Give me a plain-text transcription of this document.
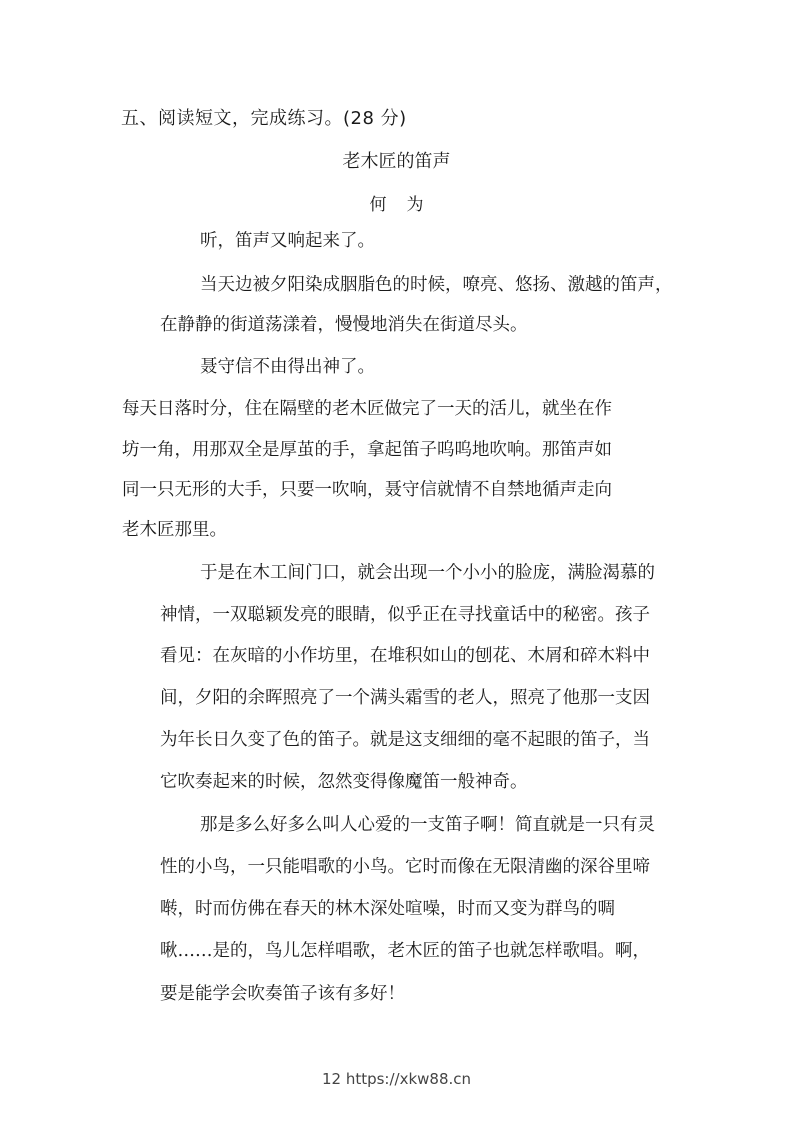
五、阅读短文，完成练习。(28 分)
老木匠的笛声
何为
听，笛声又响起来了。
当天边被夕阳染成胭脂色的时候，嘹亮、悠扬、激越的笛声，
在静静的街道荡漾着，慢慢地消失在街道尽头。
聂守信不由得出神了。
每天日落时分，住在隔壁的老木匠做完了一天的活儿，就坐在作
坊一角，用那双全是厚茧的手，拿起笛子呜呜地吹响。那笛声如
同一只无形的大手，只要一吹响，聂守信就情不自禁地循声走向
老木匠那里。
于是在木工间门口，就会出现一个小小的脸庞，满脸渴慕的
神情，一双聪颖发亮的眼睛，似乎正在寻找童话中的秘密。孩子
看见：在灰暗的小作坊里，在堆积如山的刨花、木屑和碎木料中
间，夕阳的余晖照亮了一个满头霜雪的老人，照亮了他那一支因
为年长日久变了色的笛子。就是这支细细的毫不起眼的笛子，当
它吹奏起来的时候，忽然变得像魔笛一般神奇。
那是多么好多么叫人心爱的一支笛子啊！简直就是一只有灵
性的小鸟，一只能唱歌的小鸟。它时而像在无限清幽的深谷里啼
啭，时而仿佛在春天的林木深处喧噪，时而又变为群鸟的啁
啾……是的，鸟儿怎样唱歌，老木匠的笛子也就怎样歌唱。啊，
要是能学会吹奏笛子该有多好！
12 https://xkw88.cn
